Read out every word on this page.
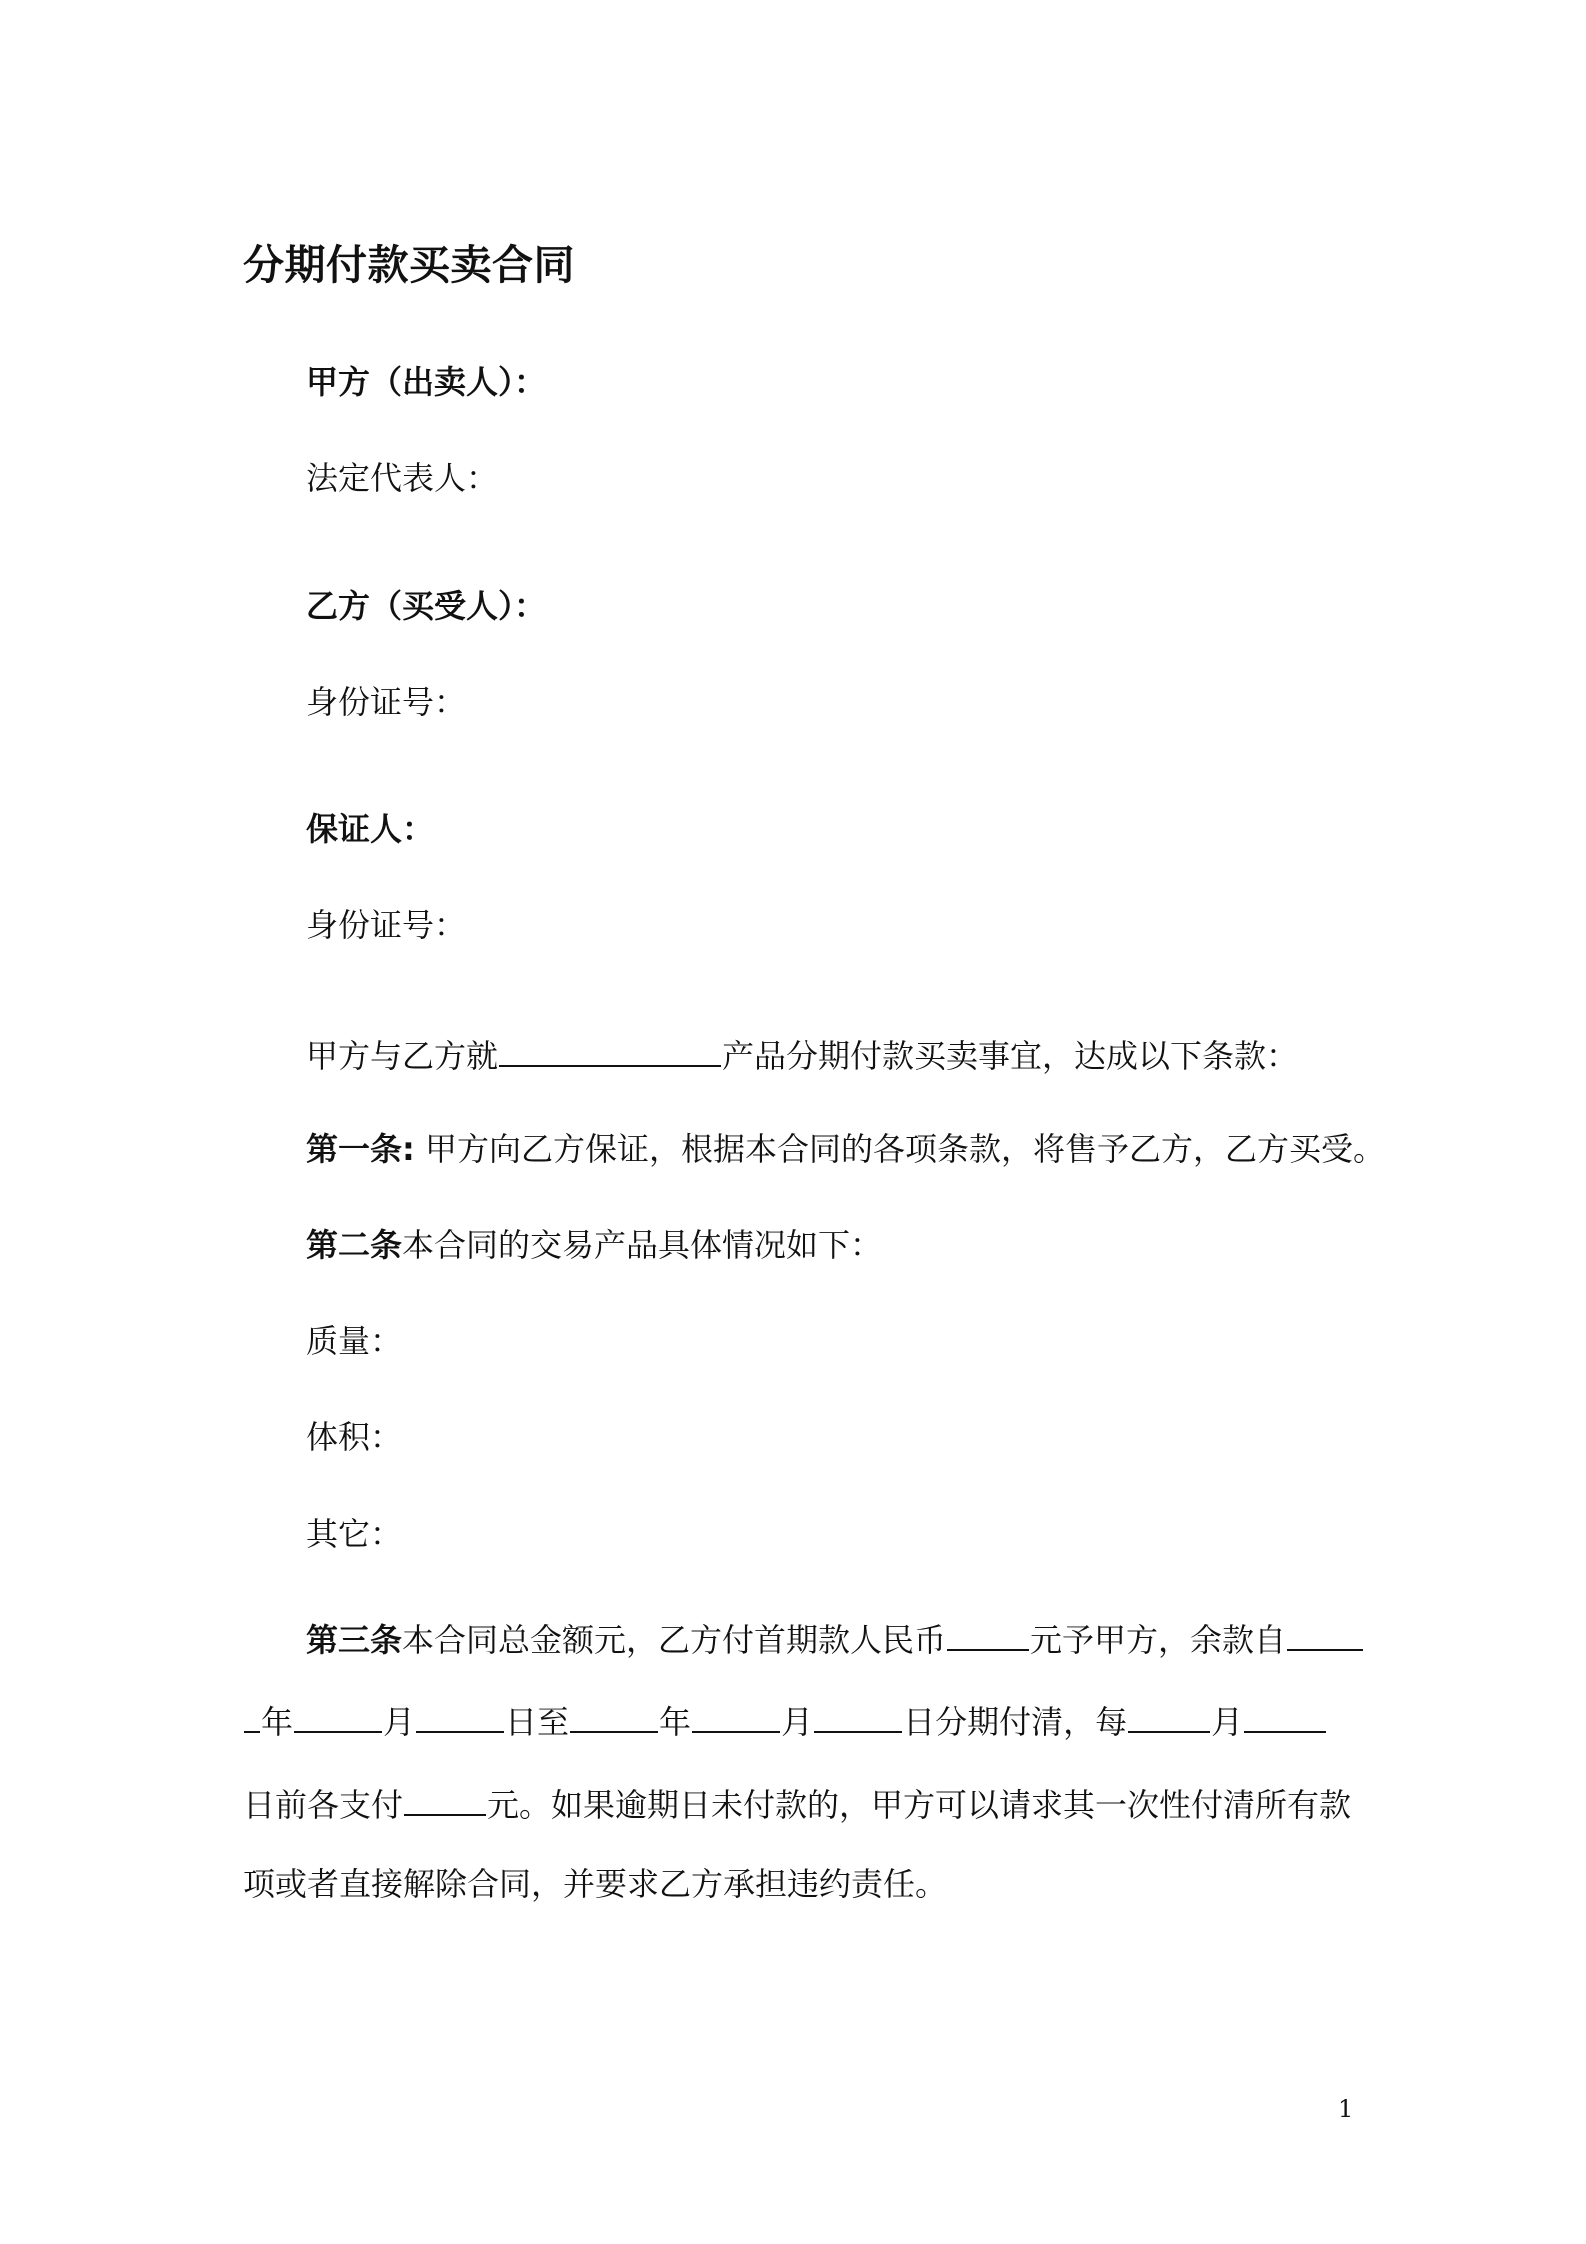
分期付款买卖合同
甲方（出卖人）：
法定代表人：
乙方（买受人）：
身份证号：
保证人：
身份证号：
甲方与乙方就	产品分期付款买卖事宜，达成以下条款：
第一条: 甲方向乙方保证，根据本合同的各项条款，将售予乙方，乙方买受。
第二条本合同的交易产品具体情况如下：
质量：
体积：
其它：
第三条本合同总金额元，乙方付首期款人民币	元予甲方，余款自
年	月	日至	年	月	日分期付清，每	月
日前各支付	元。如果逾期日未付款的，甲方可以请求其一次性付清所有款
项或者直接解除合同，并要求乙方承担违约责任。
1
